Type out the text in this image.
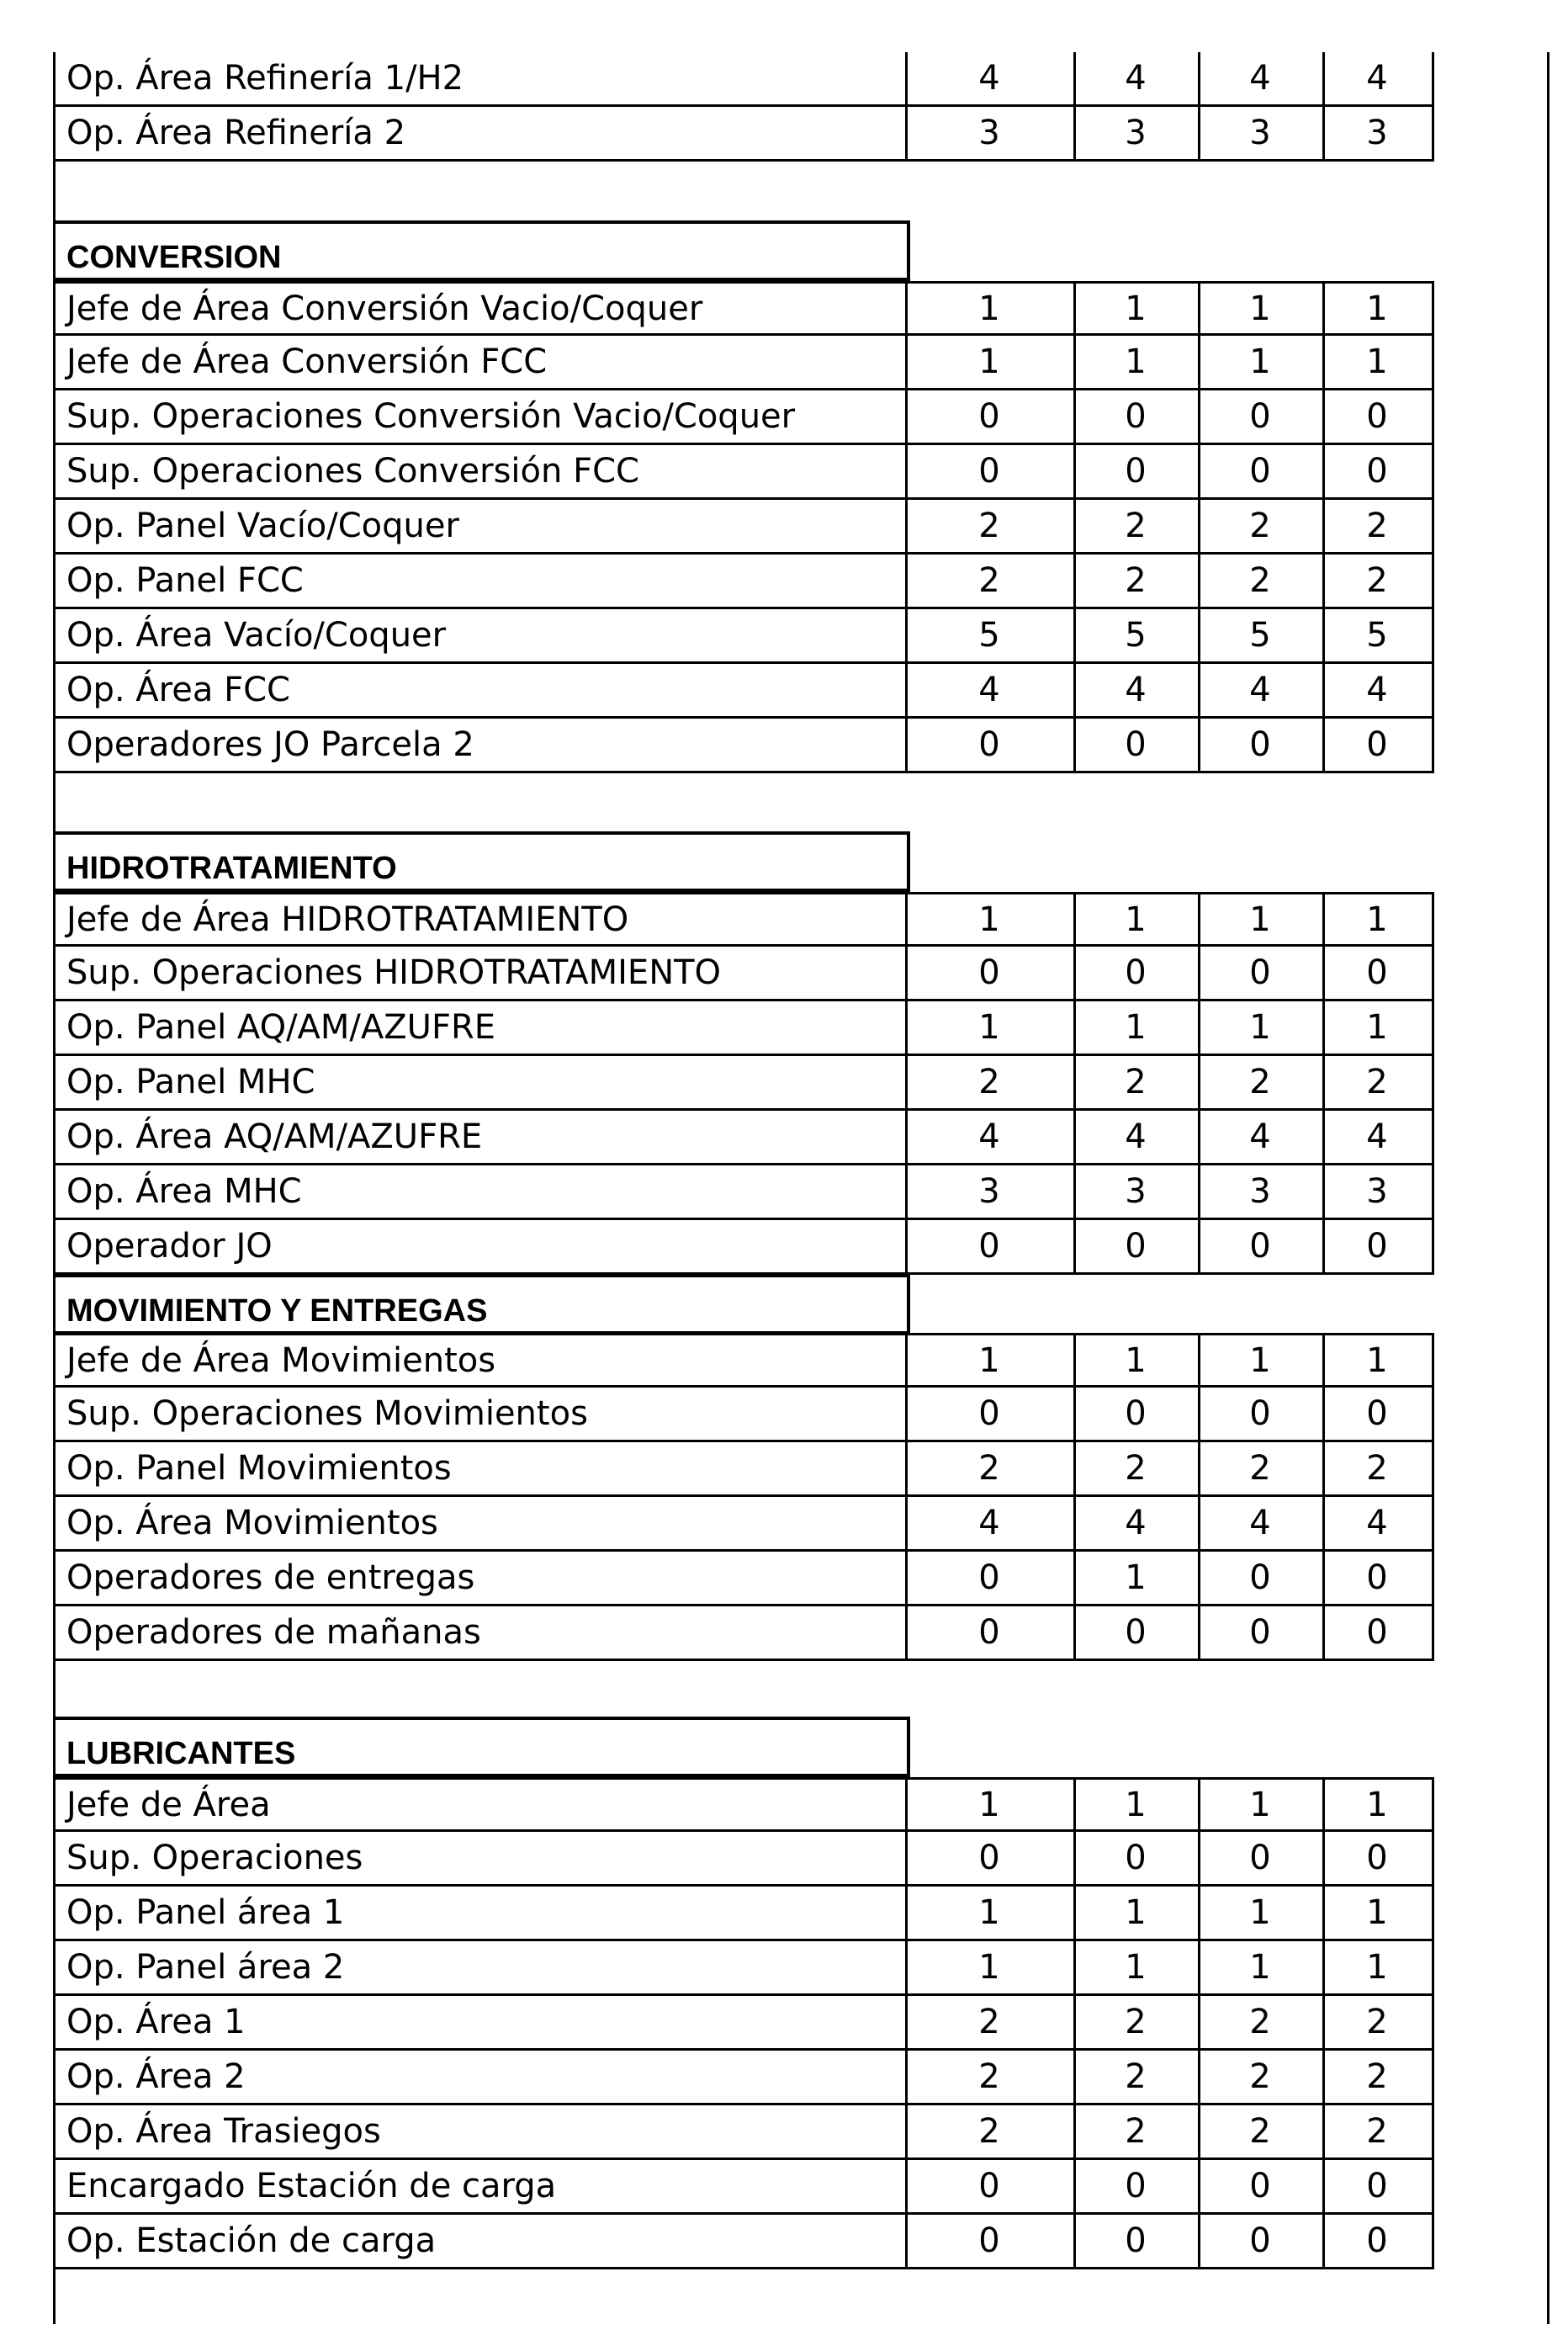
Op. Área Refinería 1/H2	4	4	4	4
Op. Área Refinería 2	3	3	3	3
CONVERSION
Jefe de Área Conversión Vacio/Coquer	1	1	1	1
Jefe de Área Conversión FCC	1	1	1	1
Sup. Operaciones Conversión Vacio/Coquer	0	0	0	0
Sup. Operaciones Conversión FCC	0	0	0	0
Op. Panel Vacío/Coquer	2	2	2	2
Op. Panel FCC	2	2	2	2
Op. Área Vacío/Coquer	5	5	5	5
Op. Área FCC	4	4	4	4
Operadores JO Parcela 2	0	0	0	0
HIDROTRATAMIENTO
Jefe de Área HIDROTRATAMIENTO	1	1	1	1
Sup. Operaciones HIDROTRATAMIENTO	0	0	0	0
Op. Panel AQ/AM/AZUFRE	1	1	1	1
Op. Panel MHC	2	2	2	2
Op. Área AQ/AM/AZUFRE	4	4	4	4
Op. Área MHC	3	3	3	3
Operador JO	0	0	0	0
MOVIMIENTO Y ENTREGAS
Jefe de Área Movimientos	1	1	1	1
Sup. Operaciones Movimientos	0	0	0	0
Op. Panel Movimientos	2	2	2	2
Op. Área Movimientos	4	4	4	4
Operadores de entregas	0	1	0	0
Operadores de mañanas	0	0	0	0
LUBRICANTES
Jefe de Área	1	1	1	1
Sup. Operaciones	0	0	0	0
Op. Panel área 1	1	1	1	1
Op. Panel área 2	1	1	1	1
Op. Área 1	2	2	2	2
Op. Área 2	2	2	2	2
Op. Área Trasiegos	2	2	2	2
Encargado Estación de carga	0	0	0	0
Op. Estación de carga	0	0	0	0
